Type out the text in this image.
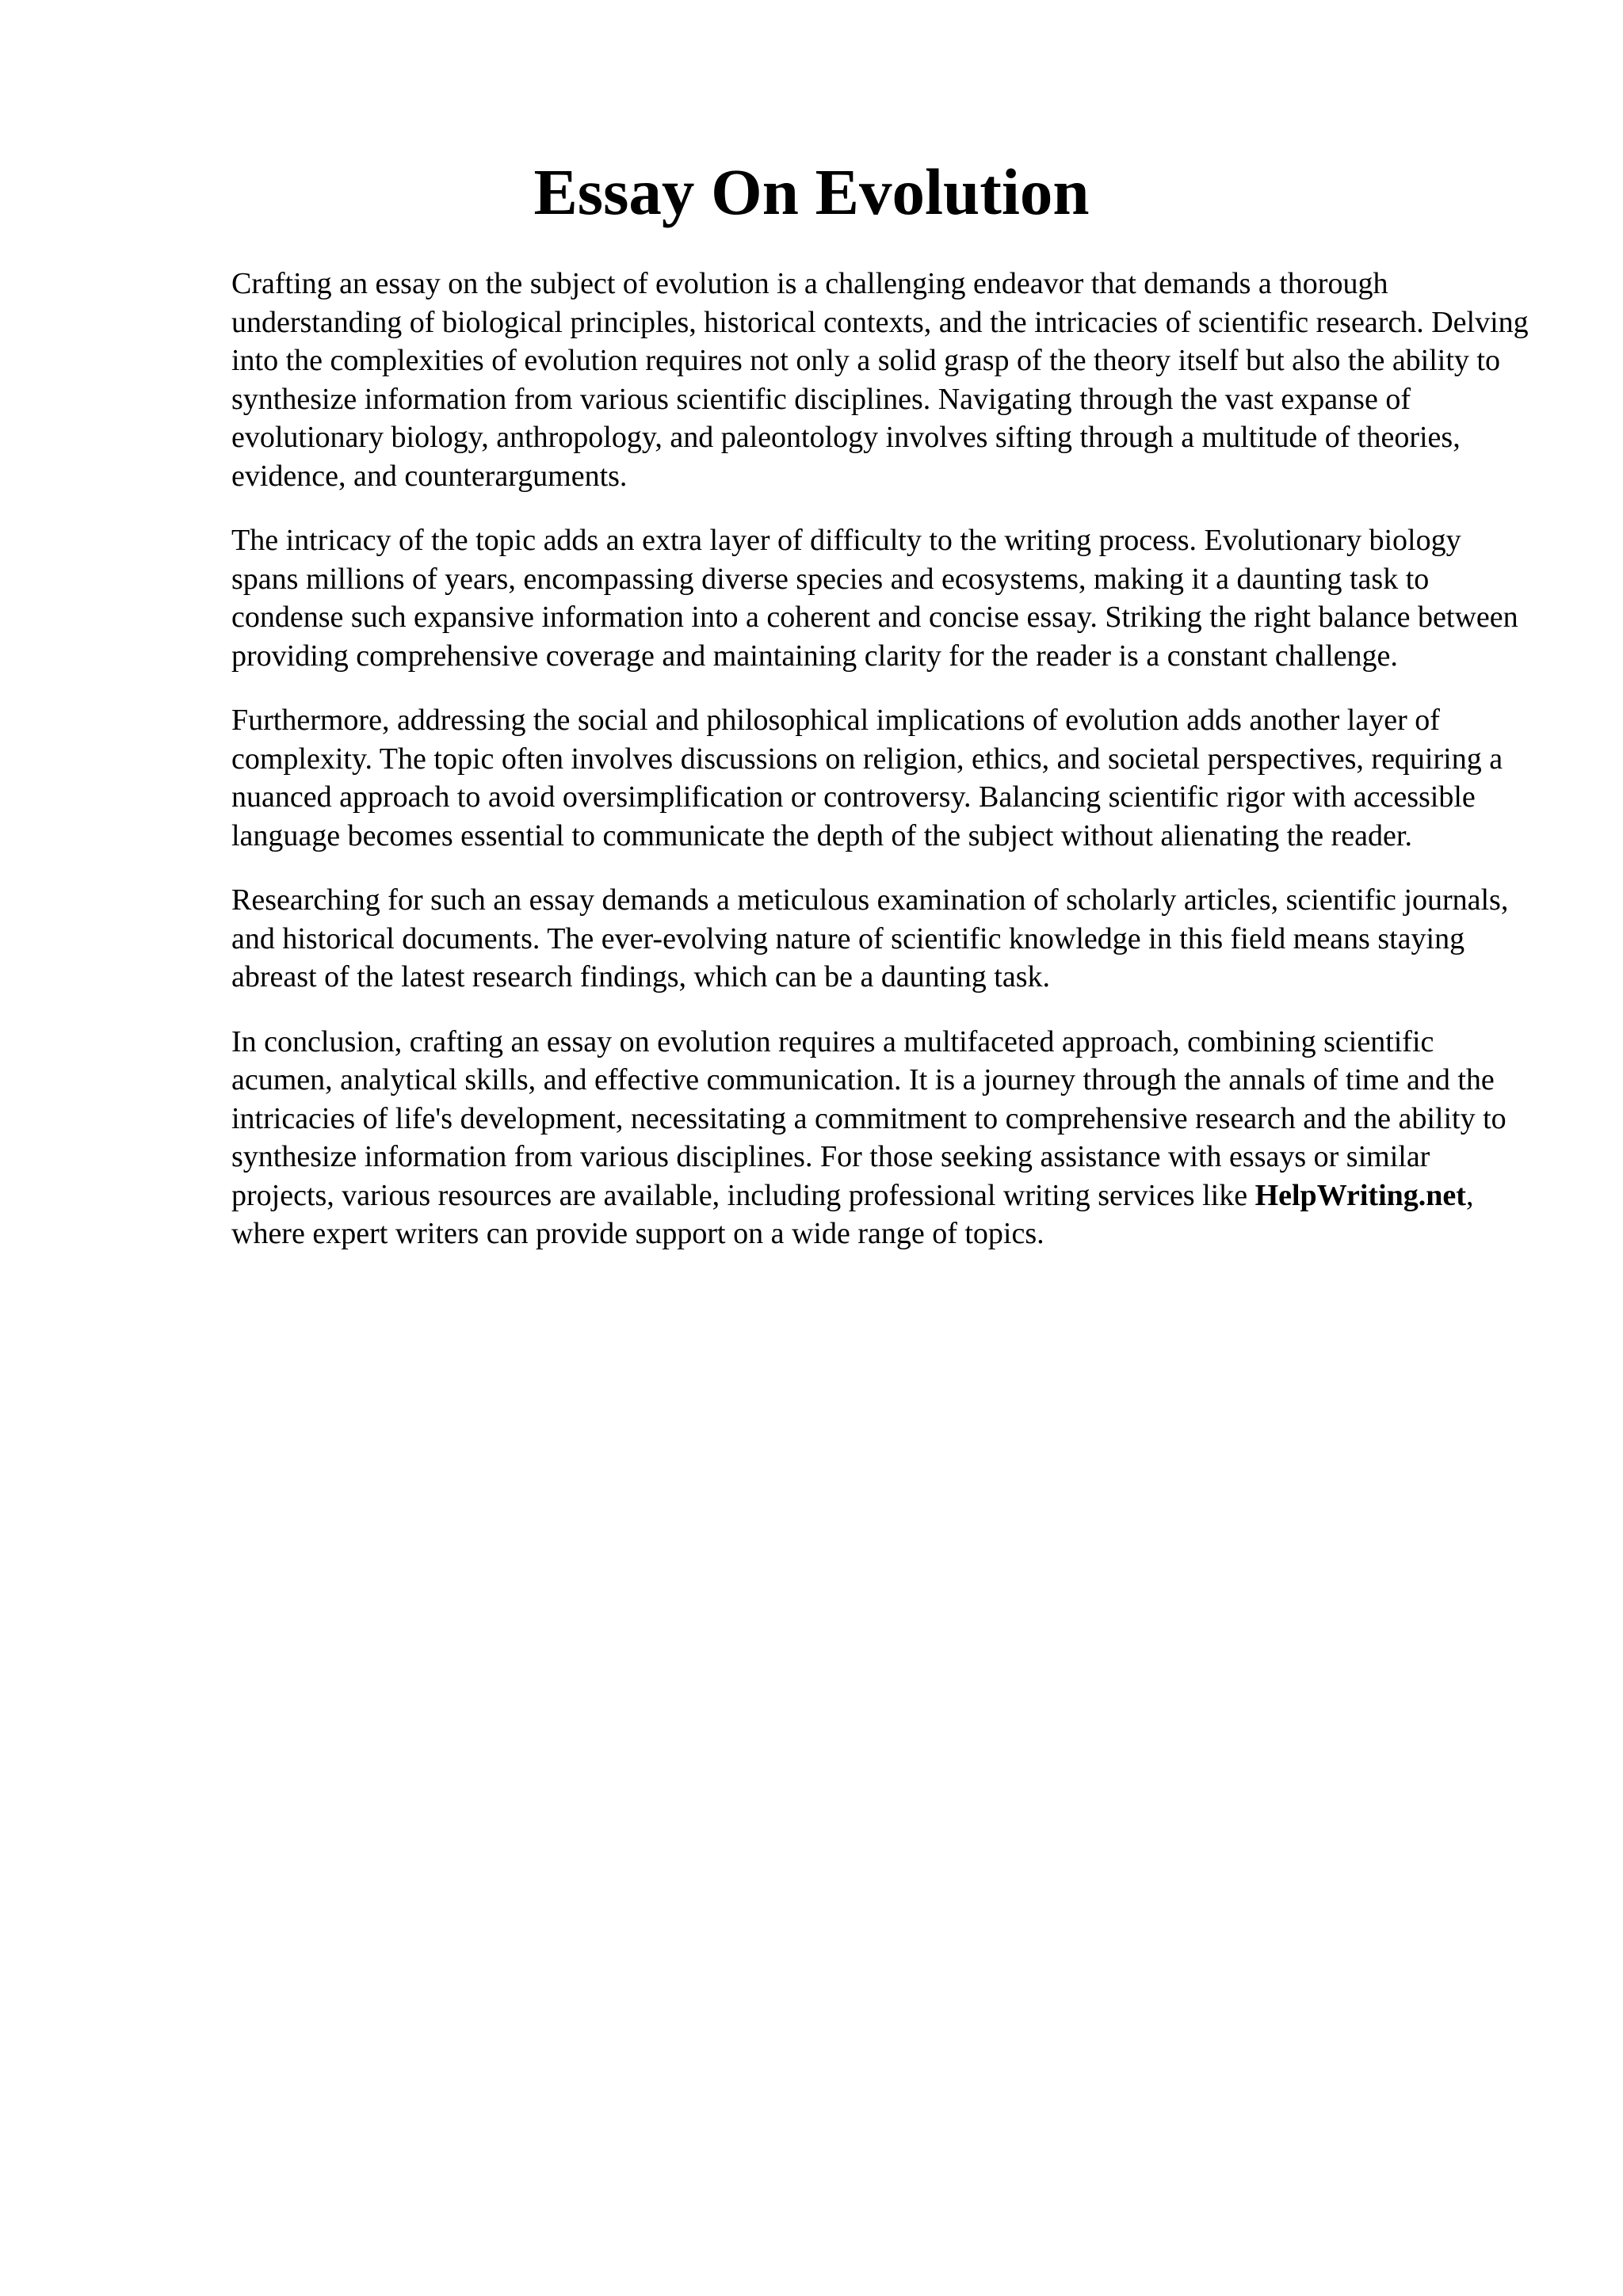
Essay On Evolution

Crafting an essay on the subject of evolution is a challenging endeavor that demands a thorough understanding of biological principles, historical contexts, and the intricacies of scientific research. Delving into the complexities of evolution requires not only a solid grasp of the theory itself but also the ability to synthesize information from various scientific disciplines. Navigating through the vast expanse of evolutionary biology, anthropology, and paleontology involves sifting through a multitude of theories, evidence, and counterarguments.

The intricacy of the topic adds an extra layer of difficulty to the writing process. Evolutionary biology spans millions of years, encompassing diverse species and ecosystems, making it a daunting task to condense such expansive information into a coherent and concise essay. Striking the right balance between providing comprehensive coverage and maintaining clarity for the reader is a constant challenge.

Furthermore, addressing the social and philosophical implications of evolution adds another layer of complexity. The topic often involves discussions on religion, ethics, and societal perspectives, requiring a nuanced approach to avoid oversimplification or controversy. Balancing scientific rigor with accessible language becomes essential to communicate the depth of the subject without alienating the reader.

Researching for such an essay demands a meticulous examination of scholarly articles, scientific journals, and historical documents. The ever-evolving nature of scientific knowledge in this field means staying abreast of the latest research findings, which can be a daunting task.

In conclusion, crafting an essay on evolution requires a multifaceted approach, combining scientific acumen, analytical skills, and effective communication. It is a journey through the annals of time and the intricacies of life's development, necessitating a commitment to comprehensive research and the ability to synthesize information from various disciplines. For those seeking assistance with essays or similar projects, various resources are available, including professional writing services like HelpWriting.net, where expert writers can provide support on a wide range of topics.
